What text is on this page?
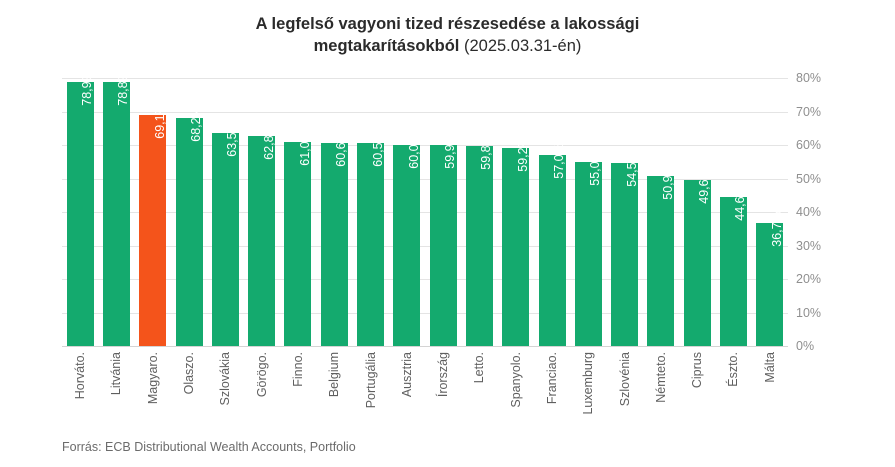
A legfelső vagyoni tized részesedése a lakossági
megtakarításokból (2025.03.31-én)
78,9% 78,8%
69,1% 68,2% 63,5% 62,8% 61,0% 60,6% 60,5% 60,0% 59,9% 59,8% 59,2% 57,0% 55,0% 54,5% 50,9% 49,6% 44,6%
36,7%
0%
10%
20%
30%
40%
50%
60%
70%
80%
Horváto. Litvánia Magyaro. Olaszo. Szlovákia Görögo. Finno. Belgium Portugália Ausztria Írország Letto. Spanyolo. Franciao. Luxemburg Szlovénia Némteto. Ciprus Észto. Málta
Forrás: ECB Distributional Wealth Accounts, Portfolio
